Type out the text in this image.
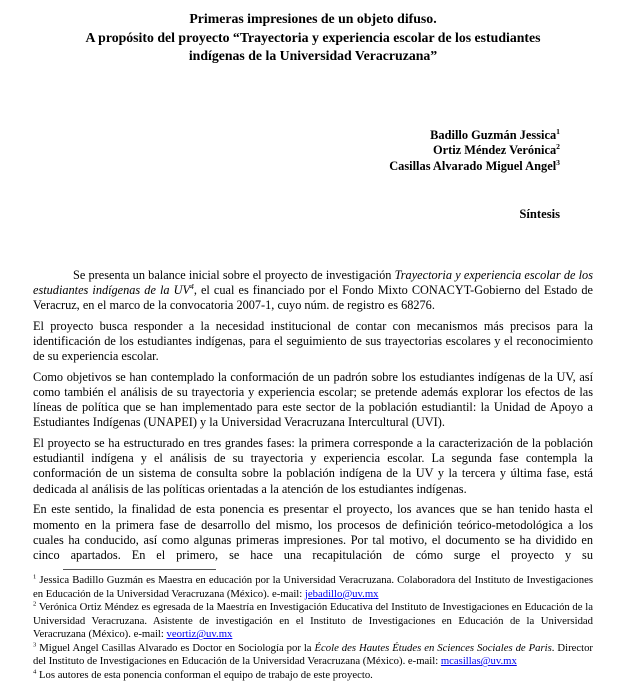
Primeras impresiones de un objeto difuso.
A propósito del proyecto “Trayectoria y experiencia escolar de los estudiantes
indígenas de la Universidad Veracruzana”
Badillo Guzmán Jessica$^1$
Ortiz Méndez Verónica$^2$
Casillas Alvarado Miguel Angel$^3$
Síntesis

Se presenta un balance inicial sobre el proyecto de investigación Trayectoria y experiencia escolar de los estudiantes indígenas de la UV$^4$, el cual es financiado por el Fondo Mixto CONACYT-Gobierno del Estado de Veracruz, en el marco de la convocatoria 2007-1, cuyo núm. de registro es 68276.

El proyecto busca responder a la necesidad institucional de contar con mecanismos más precisos para la identificación de los estudiantes indígenas, para el seguimiento de sus trayectorias escolares y el reconocimiento de su experiencia escolar.

Como objetivos se han contemplado la conformación de un padrón sobre los estudiantes indígenas de la UV, así como también el análisis de su trayectoria y experiencia escolar; se pretende además explorar los efectos de las líneas de política que se han implementado para este sector de la población estudiantil: la Unidad de Apoyo a Estudiantes Indígenas (UNAPEI) y la Universidad Veracruzana Intercultural (UVI).

El proyecto se ha estructurado en tres grandes fases: la primera corresponde a la caracterización de la población estudiantil indígena y el análisis de su trayectoria y experiencia escolar. La segunda fase contempla la conformación de un sistema de consulta sobre la población indígena de la UV y la tercera y última fase, está dedicada al análisis de las políticas orientadas a la atención de los estudiantes indígenas.

En este sentido, la finalidad de esta ponencia es presentar el proyecto, los avances que se han tenido hasta el momento en la primera fase de desarrollo del mismo, los procesos de definición teórico-metodológica a los cuales ha conducido, así como algunas primeras impresiones. Por tal motivo, el documento se ha dividido en cinco apartados. En el primero, se hace una recapitulación de cómo surge el proyecto y su

$^1$ Jessica Badillo Guzmán es Maestra en educación por la Universidad Veracruzana. Colaboradora del Instituto de Investigaciones en Educación de la Universidad Veracruzana (México). e-mail: jebadillo@uv.mx
$^2$ Verónica Ortiz Méndez es egresada de la Maestría en Investigación Educativa del Instituto de Investigaciones en Educación de la Universidad Veracruzana. Asistente de investigación en el Instituto de Investigaciones en Educación de la Universidad Veracruzana (México). e-mail: veortiz@uv.mx
$^3$ Miguel Angel Casillas Alvarado es Doctor en Sociología por la École des Hautes Études en Sciences Sociales de Paris. Director del Instituto de Investigaciones en Educación de la Universidad Veracruzana (México). e-mail: mcasillas@uv.mx
$^4$ Los autores de esta ponencia conforman el equipo de trabajo de este proyecto.
